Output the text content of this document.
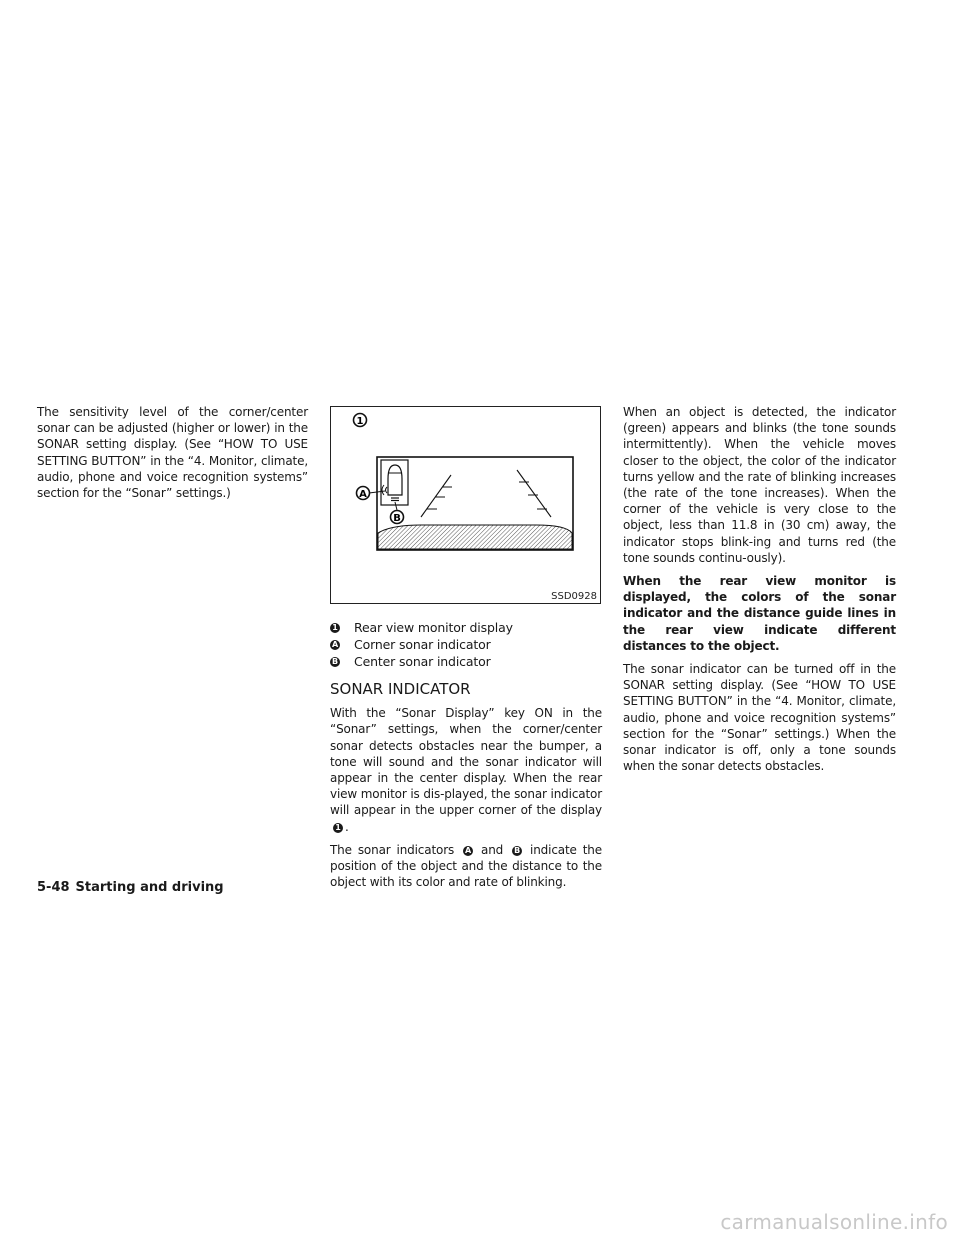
The sensitivity level of the corner/center sonar can be adjusted (higher or lower) in the SONAR setting display. (See “HOW TO USE SETTING BUTTON” in the “4. Monitor, climate, audio, phone and voice recognition systems” section for the “Sonar” settings.)

1
A
B
SSD0928
1 Rear view monitor display
A Corner sonar indicator
B Center sonar indicator
SONAR INDICATOR

With the “Sonar Display” key ON in the “Sonar” settings, when the corner/center sonar detects obstacles near the bumper, a tone will sound and the sonar indicator will appear in the center display. When the rear view monitor is dis-played, the sonar indicator will appear in the upper corner of the display1 .

The sonar indicators A and B indicate the position of the object and the distance to the object with its color and rate of blinking.

When an object is detected, the indicator (green) appears and blinks (the tone sounds intermittently). When the vehicle moves closer to the object, the color of the indicator turns yellow and the rate of blinking increases (the rate of the tone increases). When the corner of the vehicle is very close to the object, less than 11.8 in (30 cm) away, the indicator stops blink-ing and turns red (the tone sounds continu-ously).

When the rear view monitor is displayed, the colors of the sonar indicator and the distance guide lines in the rear view indicate different distances to the object.

The sonar indicator can be turned off in the SONAR setting display. (See “HOW TO USE SETTING BUTTON” in the “4. Monitor, climate, audio, phone and voice recognition systems” section for the “Sonar” settings.) When the sonar indicator is off, only a tone sounds when the sonar detects obstacles.

5-48 Starting and driving
carmanualsonline.info
